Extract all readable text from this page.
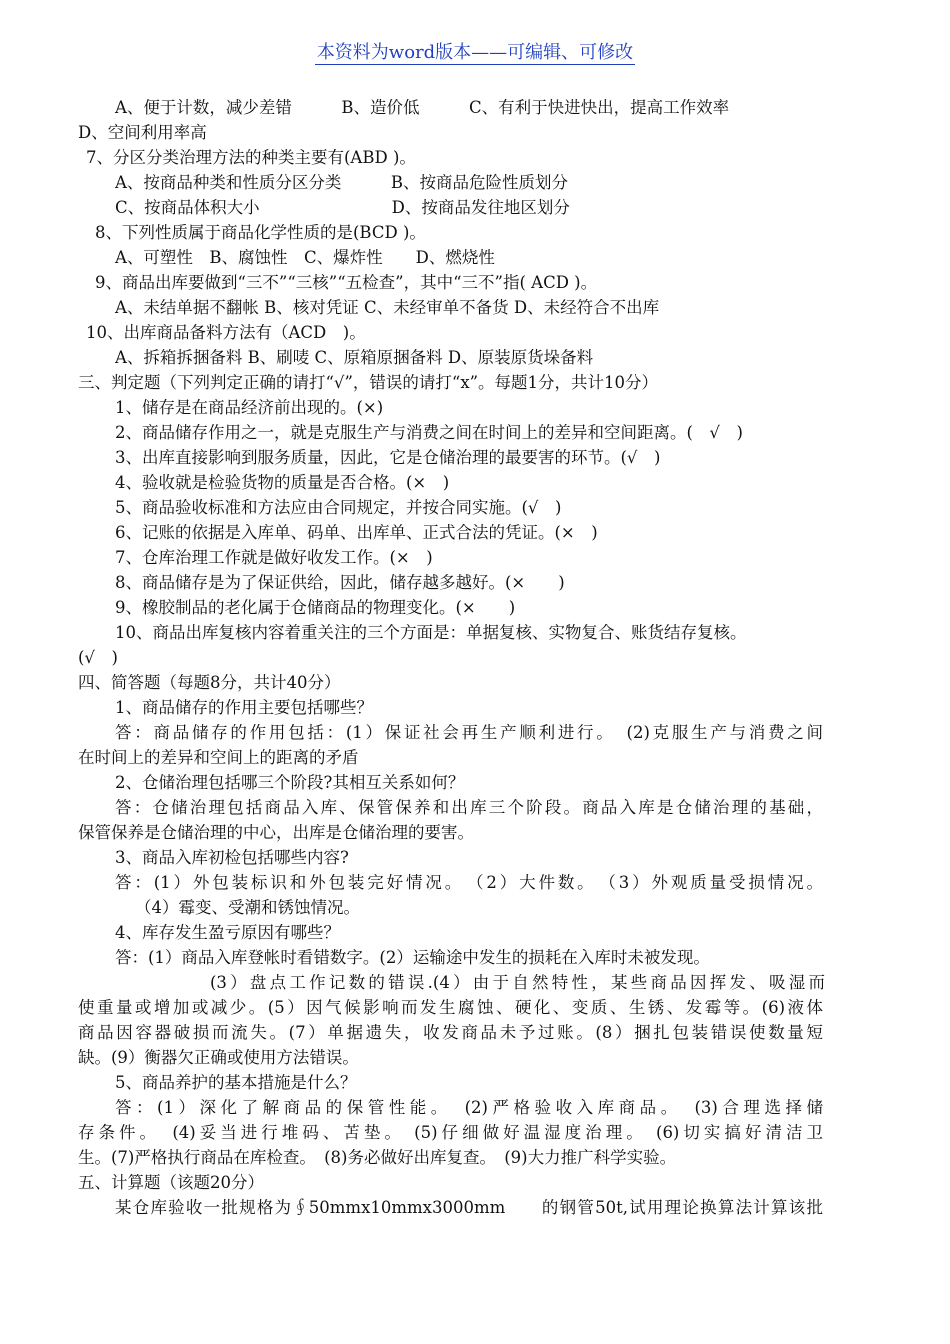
本资料为word版本——可编辑、可修改
A、便于计数，减少差错　　　B、造价低　　　C、有利于快进快出，提高工作效率
D、空间利用率高
7、分区分类治理方法的种类主要有(ABD )。
A、按商品种类和性质分区分类　　　B、按商品危险性质划分
C、按商品体积大小　　　　　　　　D、按商品发往地区划分
8、下列性质属于商品化学性质的是(BCD )。
A、可塑性　B、腐蚀性　C、爆炸性　　D、燃烧性
9、商品出库要做到“三不”“三核”“五检查”，其中“三不”指( ACD )。
A、未结单据不翻帐 B、核对凭证 C、未经审单不备货 D、未经符合不出库
10、出库商品备料方法有（ACD　)。
A、拆箱拆捆备料 B、刷唛 C、原箱原捆备料 D、原装原货垛备料
三、判定题（下列判定正确的请打“√”，错误的请打“x”。每题1分，共计10分）
1、储存是在商品经济前出现的。(×)
2、商品储存作用之一，就是克服生产与消费之间在时间上的差异和空间距离。(　√　)
3、出库直接影响到服务质量，因此，它是仓储治理的最要害的环节。(√　)
4、验收就是检验货物的质量是否合格。(×　)
5、商品验收标准和方法应由合同规定，并按合同实施。(√　)
6、记账的依据是入库单、码单、出库单、正式合法的凭证。(×　)
7、仓库治理工作就是做好收发工作。(×　)
8、商品储存是为了保证供给，因此，储存越多越好。(×　　)
9、橡胶制品的老化属于仓储商品的物理变化。(×　　)
10、商品出库复核内容着重关注的三个方面是：单据复核、实物复合、账货结存复核。
(√　)
四、简答题（每题8分，共计40分）
1、商品储存的作用主要包括哪些？
答：商品储存的作用包括：(1）保证社会再生产顺利进行。　(2)克服生产与消费之间
在时间上的差异和空间上的距离的矛盾
2、仓储治理包括哪三个阶段?其相互关系如何？
答：仓储治理包括商品入库、保管保养和出库三个阶段。商品入库是仓储治理的基础，
保管保养是仓储治理的中心，出库是仓储治理的要害。
3、商品入库初检包括哪些内容?
答：(1）外包装标识和外包装完好情况。　（2）大件数。　（3）外观质量受损情况。
（4）霉变、受潮和锈蚀情况。
4、库存发生盈亏原因有哪些？
答：(1）商品入库登帐时看错数字。(2）运输途中发生的损耗在入库时未被发现。
(3）盘点工作记数的错误.(4）由于自然特性，某些商品因挥发、吸湿而
使重量或增加或减少。(5）因气候影响而发生腐蚀、硬化、变质、生锈、发霉等。(6)液体
商品因容器破损而流失。(7）单据遗失，收发商品未予过账。(8）捆扎包装错误使数量短
缺。(9）衡器欠正确或使用方法错误。
5、商品养护的基本措施是什么？
答：(1）深化了解商品的保管性能。　(2)严格验收入库商品。　(3)合理选择储
存条件。　(4)妥当进行堆码、苫垫。 (5)仔细做好温湿度治理。 (6)切实搞好清洁卫
生。(7)严格执行商品在库检查。　(8)务必做好出库复查。　(9)大力推广科学实验。
五、计算题（该题20分）
某仓库验收一批规格为∮50mmx10mmx3000mm　　的钢管50t,试用理论换算法计算该批
